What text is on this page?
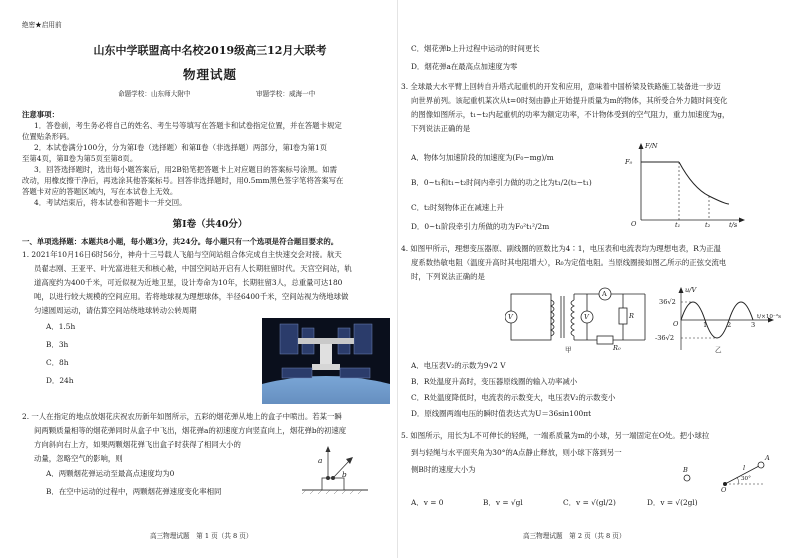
绝密★启用前
山东中学联盟高中名校2019级高三12月大联考
物理试题
命题学校：山东师大附中	审题学校：威海一中
注意事项：
1．答卷前，考生务必将自己的姓名、考生号等填写在答题卡和试卷指定位置，并在答题卡规定
位置贴条形码。
2．本试卷满分100分，分为第Ⅰ卷（选择题）和第Ⅱ卷（非选择题）两部分，第Ⅰ卷为第1页
至第4页，第Ⅱ卷为第5页至第8页。
3．回答选择题时，选出每小题答案后，用2B铅笔把答题卡上对应题目的答案标号涂黑。如需
改动，用橡皮擦干净后，再选涂其他答案标号。回答非选择题时，用0.5mm黑色签字笔将答案写在
答题卡对应的答题区域内，写在本试卷上无效。
4．考试结束后，将本试卷和答题卡一并交回。
第Ⅰ卷（共40分）
一、单项选择题：本题共8小题，每小题3分，共24分。每小题只有一个选项是符合题目要求的。
1. 2021年10月16日6时56分，神舟十三号载人飞船与空间站组合体完成自主快速交会对接。航天
员翟志刚、王亚平、叶光富进驻天和核心舱，中国空间站开启有人长期驻留时代。天宫空间站，轨
道高度约为400千米，可近似视为近地卫星，设计寿命为10年，长期驻留3人，总重量可达180
吨，以进行较大规模的空间应用。若将地球视为理想球体，半径6400千米，空间站视为绕地球做
匀速圆周运动，请估算空间站绕地球转动公转周期
A．1.5h
B．3h
C．8h
D．24h
2. 一人在指定的地点放烟花庆祝农历新年如图所示，五彩的烟花弹从地上的盒子中喷出。若某一瞬
间两颗质量相等的烟花弹同时从盒子中飞出，烟花弹a的初速度方向竖直向上，烟花弹b的初速度
方向斜向右上方，如果两颗烟花弹飞出盒子时获得了相同大小的
动量，忽略空气的影响，则
A．两颗烟花弹运动至最高点速度均为0
B．在空中运动的过程中，两颗烟花弹速度变化率相同
a
b
高三物理试题　第 1 页（共 8 页）
C．烟花弹b上升过程中运动的时间更长
D．烟花弹a在最高点加速度为零
3. 全球最大水平臂上回转自升塔式起重机的开发和应用，意味着中国桥梁及铁路施工装备进一步迈
向世界前列。该起重机某次从t=0时刻由静止开始提升质量为m的物体，其所受合外力随时间变化
的图像如图所示，t₁~t₂内起重机的功率为额定功率，不计物体受到的空气阻力，重力加速度为g，
下列说法正确的是
A．物体匀加速阶段的加速度为(F₀−mg)/m
B．0~t₁和t₁~t₂时间内牵引力做的功之比为t₁/2(t₂−t₁)
C．t₂时刻物体正在减速上升
D．0~t₁阶段牵引力所做的功为F₀²t₁²/2m
F/N
F₀
O	t₁	t₂	t/s
4. 如图甲所示，理想变压器原、副线圈的匝数比为4∶1，电压表和电流表均为理想电表，R为正温
度系数热敏电阻（温度升高时其电阻增大），R₀为定值电阻。当原线圈接如图乙所示的正弦交流电
时，下列说法正确的是
V	V
A
R
R₀
甲
u/V
36√2
-36√2
O	1	2	3
t/×10⁻²s
乙
A．电压表V₂的示数为9√2 V
B．R处温度升高时，变压器原线圈的输入功率减小
C．R处温度降低时，电流表的示数变大，电压表V₂的示数变小
D．原线圈两端电压的瞬时值表达式为U＝36sin100πt
5. 如图所示，用长为L不可伸长的轻绳，一端系质量为m的小球，另一端固定在O处。把小球拉
到与轻绳与水平面夹角为30°的A点静止释放，则小球下落到另一
侧B时的速度大小为
A
B
O
l
30°
A．v = 0	B．v = √gl	C．v = √(gl/2)	D．v = √(2gl)
高三物理试题　第 2 页（共 8 页）
